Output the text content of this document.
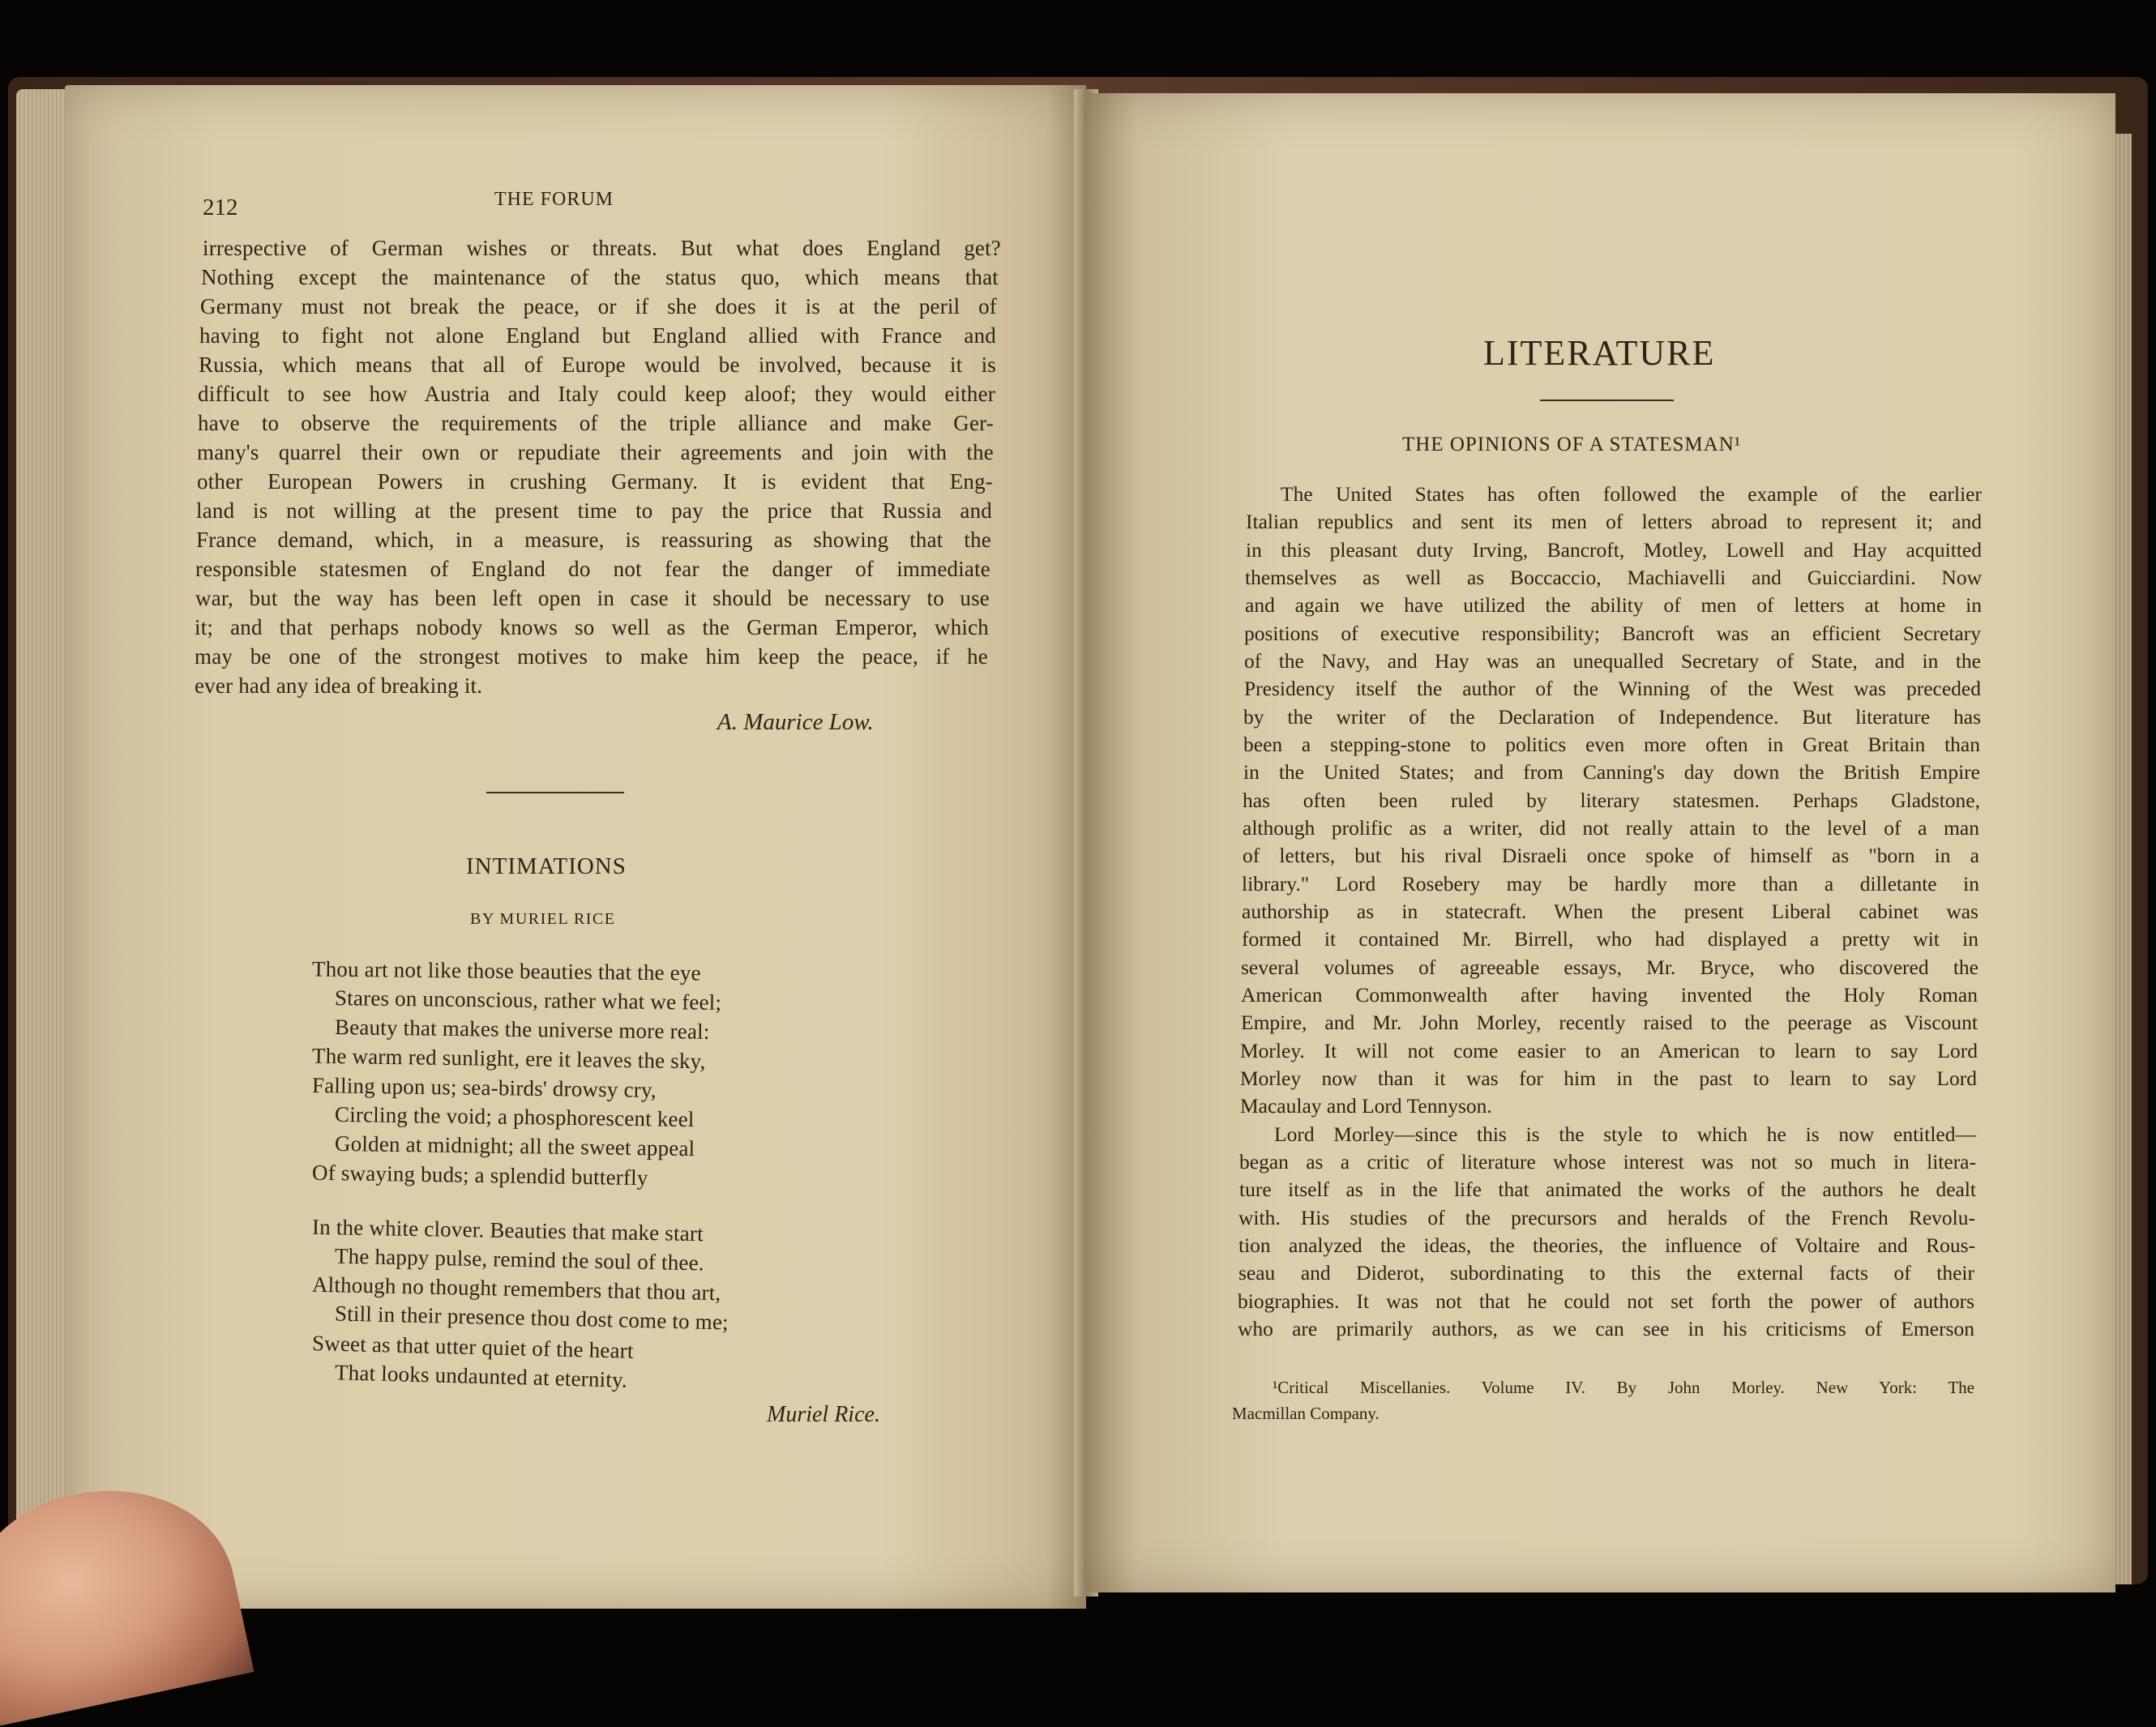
212	THE FORUM
irrespective of German wishes or threats. But what does England get?
Nothing except the maintenance of the status quo, which means that
Germany must not break the peace, or if she does it is at the peril of
having to fight not alone England but England allied with France and
Russia, which means that all of Europe would be involved, because it is
difficult to see how Austria and Italy could keep aloof; they would either
have to observe the requirements of the triple alliance and make Ger-
many's quarrel their own or repudiate their agreements and join with the
other European Powers in crushing Germany. It is evident that Eng-
land is not willing at the present time to pay the price that Russia and
France demand, which, in a measure, is reassuring as showing that the
responsible statesmen of England do not fear the danger of immediate
war, but the way has been left open in case it should be necessary to use
it; and that perhaps nobody knows so well as the German Emperor, which
may be one of the strongest motives to make him keep the peace, if he
ever had any idea of breaking it.
A. Maurice Low.
INTIMATIONS
BY MURIEL RICE
Thou art not like those beauties that the eye
Stares on unconscious, rather what we feel;
Beauty that makes the universe more real:
The warm red sunlight, ere it leaves the sky,
Falling upon us; sea-birds' drowsy cry,
Circling the void; a phosphorescent keel
Golden at midnight; all the sweet appeal
Of swaying buds; a splendid butterfly
In the white clover. Beauties that make start
The happy pulse, remind the soul of thee.
Although no thought remembers that thou art,
Still in their presence thou dost come to me;
Sweet as that utter quiet of the heart
That looks undaunted at eternity.
Muriel Rice.
LITERATURE
THE OPINIONS OF A STATESMAN¹
The United States has often followed the example of the earlier
Italian republics and sent its men of letters abroad to represent it; and
in this pleasant duty Irving, Bancroft, Motley, Lowell and Hay acquitted
themselves as well as Boccaccio, Machiavelli and Guicciardini. Now
and again we have utilized the ability of men of letters at home in
positions of executive responsibility; Bancroft was an efficient Secretary
of the Navy, and Hay was an unequalled Secretary of State, and in the
Presidency itself the author of the Winning of the West was preceded
by the writer of the Declaration of Independence. But literature has
been a stepping-stone to politics even more often in Great Britain than
in the United States; and from Canning's day down the British Empire
has often been ruled by literary statesmen. Perhaps Gladstone,
although prolific as a writer, did not really attain to the level of a man
of letters, but his rival Disraeli once spoke of himself as "born in a
library." Lord Rosebery may be hardly more than a dilletante in
authorship as in statecraft. When the present Liberal cabinet was
formed it contained Mr. Birrell, who had displayed a pretty wit in
several volumes of agreeable essays, Mr. Bryce, who discovered the
American Commonwealth after having invented the Holy Roman
Empire, and Mr. John Morley, recently raised to the peerage as Viscount
Morley. It will not come easier to an American to learn to say Lord
Morley now than it was for him in the past to learn to say Lord
Macaulay and Lord Tennyson.
Lord Morley—since this is the style to which he is now entitled—
began as a critic of literature whose interest was not so much in litera-
ture itself as in the life that animated the works of the authors he dealt
with. His studies of the precursors and heralds of the French Revolu-
tion analyzed the ideas, the theories, the influence of Voltaire and Rous-
seau and Diderot, subordinating to this the external facts of their
biographies. It was not that he could not set forth the power of authors
who are primarily authors, as we can see in his criticisms of Emerson
¹Critical Miscellanies. Volume IV. By John Morley. New York: The
Macmillan Company.
